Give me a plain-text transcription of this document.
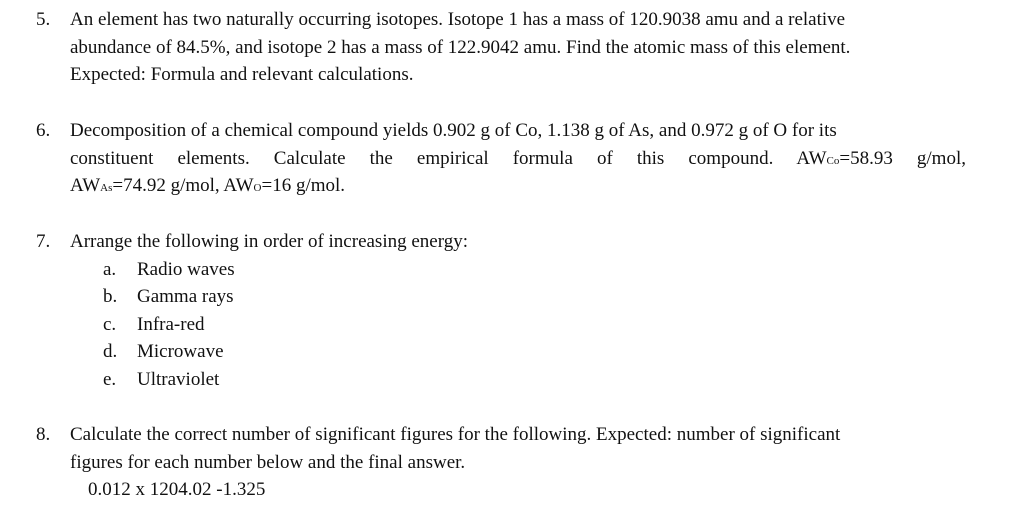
5.	An element has two naturally occurring isotopes. Isotope 1 has a mass of 120.9038 amu and a relative
abundance of 84.5%, and isotope 2 has a mass of 122.9042 amu. Find the atomic mass of this element.
Expected: Formula and relevant calculations.
6.	Decomposition of a chemical compound yields 0.902 g of Co, 1.138 g of As, and 0.972 g of O for its
constituent elements. Calculate the empirical formula of this compound. AWCo=58.93 g/mol,
AWAs=74.92 g/mol, AWO=16 g/mol.
7.	Arrange the following in order of increasing energy:
a. Radio waves
b. Gamma rays
c. Infra-red
d. Microwave
e. Ultraviolet
8.	Calculate the correct number of significant figures for the following. Expected: number of significant
figures for each number below and the final answer.
0.012 x 1204.02 -1.325
